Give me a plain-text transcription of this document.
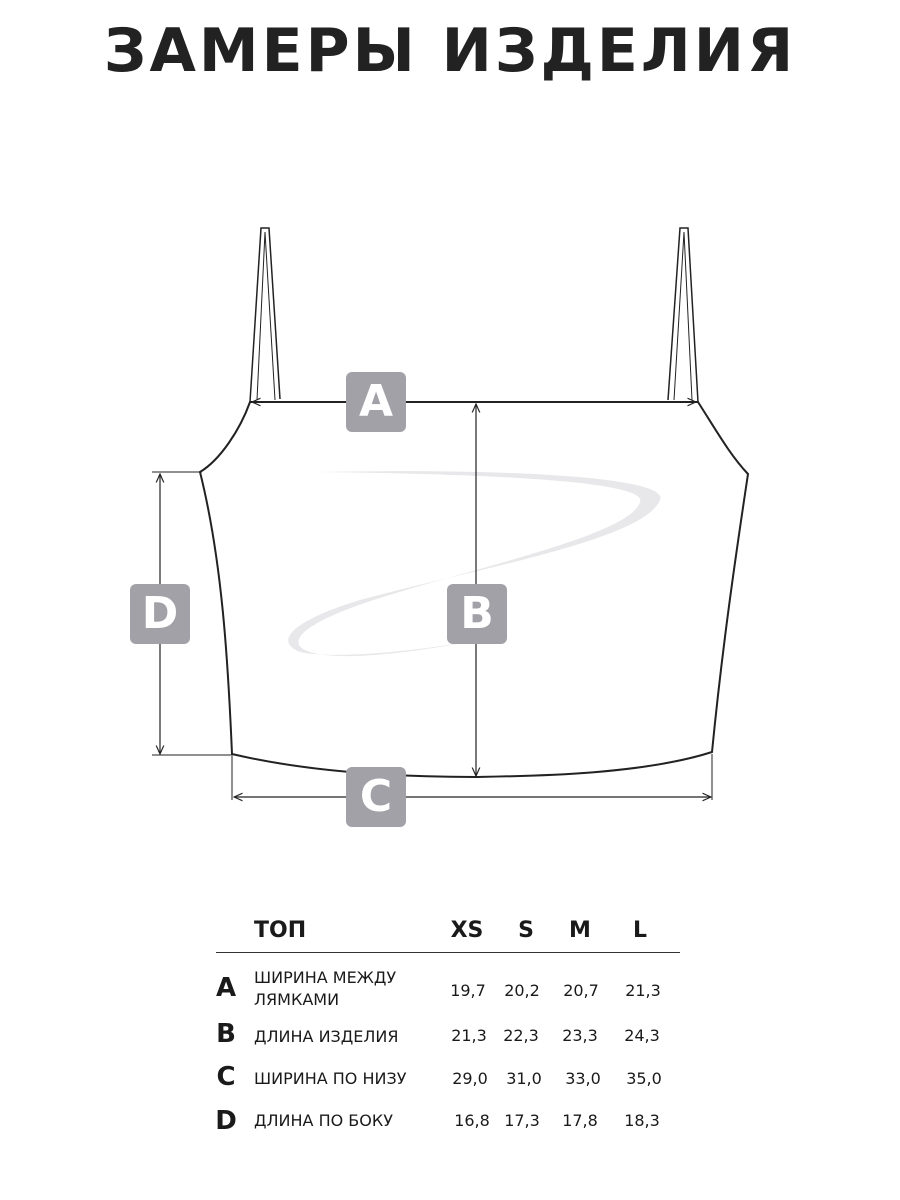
ЗАМЕРЫ ИЗДЕЛИЯ
A
B
C
D
ТОП	XS	S	M	L
A	ШИРИНА МЕЖДУ ЛЯМКАМИ	19,7	20,2	20,7	21,3
B	ДЛИНА ИЗДЕЛИЯ	21,3	22,3	23,3	24,3
C	ШИРИНА ПО НИЗУ	29,0	31,0	33,0	35,0
D ДЛИНА ПО БОКУ	16,8 17,3	17,8	18,3
